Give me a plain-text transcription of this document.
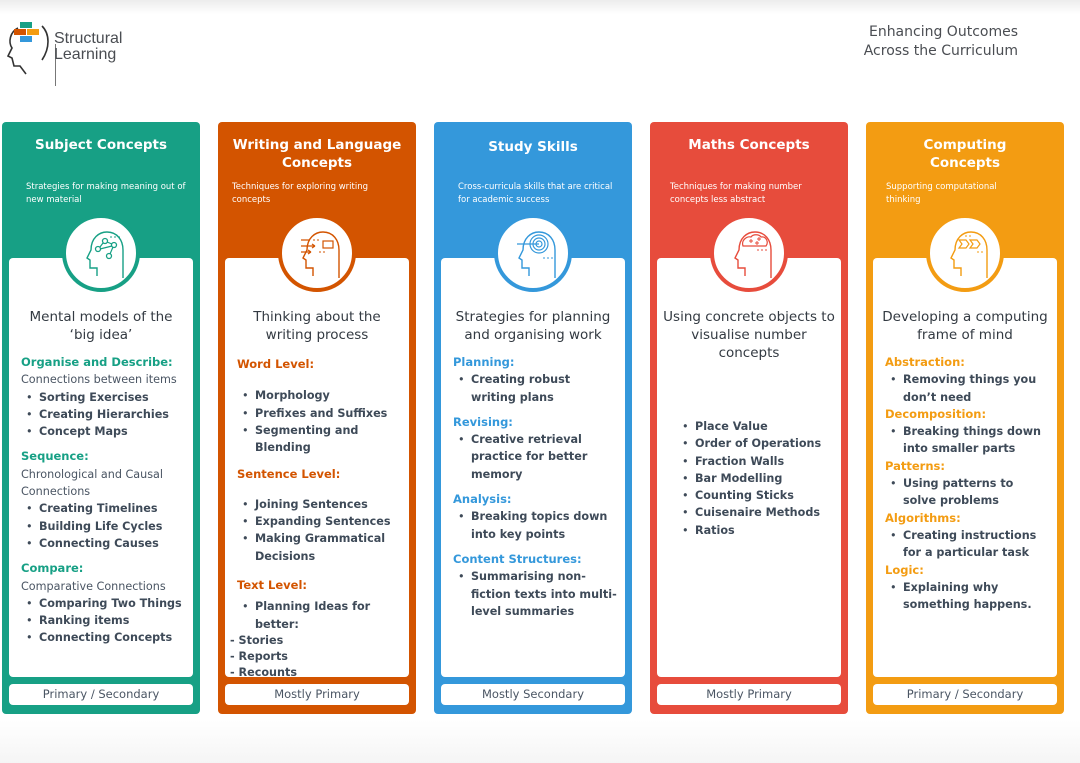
Structural
Learning
Enhancing Outcomes
Across the Curriculum
Subject Concepts
Strategies for making meaning out of new material
Mental models of the ‘big idea’
Organise and Describe:
Connections between items
• Sorting Exercises
• Creating Hierarchies
• Concept Maps
Sequence:
Chronological and Causal Connections
• Creating Timelines
• Building Life Cycles
• Connecting Causes
Compare:
Comparative Connections
• Comparing Two Things
• Ranking items
• Connecting Concepts
Primary / Secondary
Writing and Language Concepts
Techniques for exploring writing concepts
Thinking about the writing process
Word Level:
• Morphology
• Prefixes and Suffixes
• Segmenting and Blending
Sentence Level:
• Joining Sentences
• Expanding Sentences
• Making Grammatical Decisions
Text Level:
• Planning Ideas for better:
- Stories
- Reports
- Recounts
Mostly Primary
Study Skills
Cross-curricula skills that are critical for academic success
Strategies for planning and organising work
Planning:
• Creating robust writing plans
Revising:
• Creative retrieval practice for better memory
Analysis:
• Breaking topics down into key points
Content Structures:
• Summarising non-fiction texts into multi-level summaries
Mostly Secondary
Maths Concepts
Techniques for making number concepts less abstract
Using concrete objects to visualise number concepts
• Place Value
• Order of Operations
• Fraction Walls
• Bar Modelling
• Counting Sticks
• Cuisenaire Methods
• Ratios
Mostly Primary
Computing Concepts
Supporting computational thinking
Developing a computing frame of mind
Abstraction:
• Removing things you don’t need
Decomposition:
• Breaking things down into smaller parts
Patterns:
• Using patterns to solve problems
Algorithms:
• Creating instructions for a particular task
Logic:
• Explaining why something happens.
Primary / Secondary
